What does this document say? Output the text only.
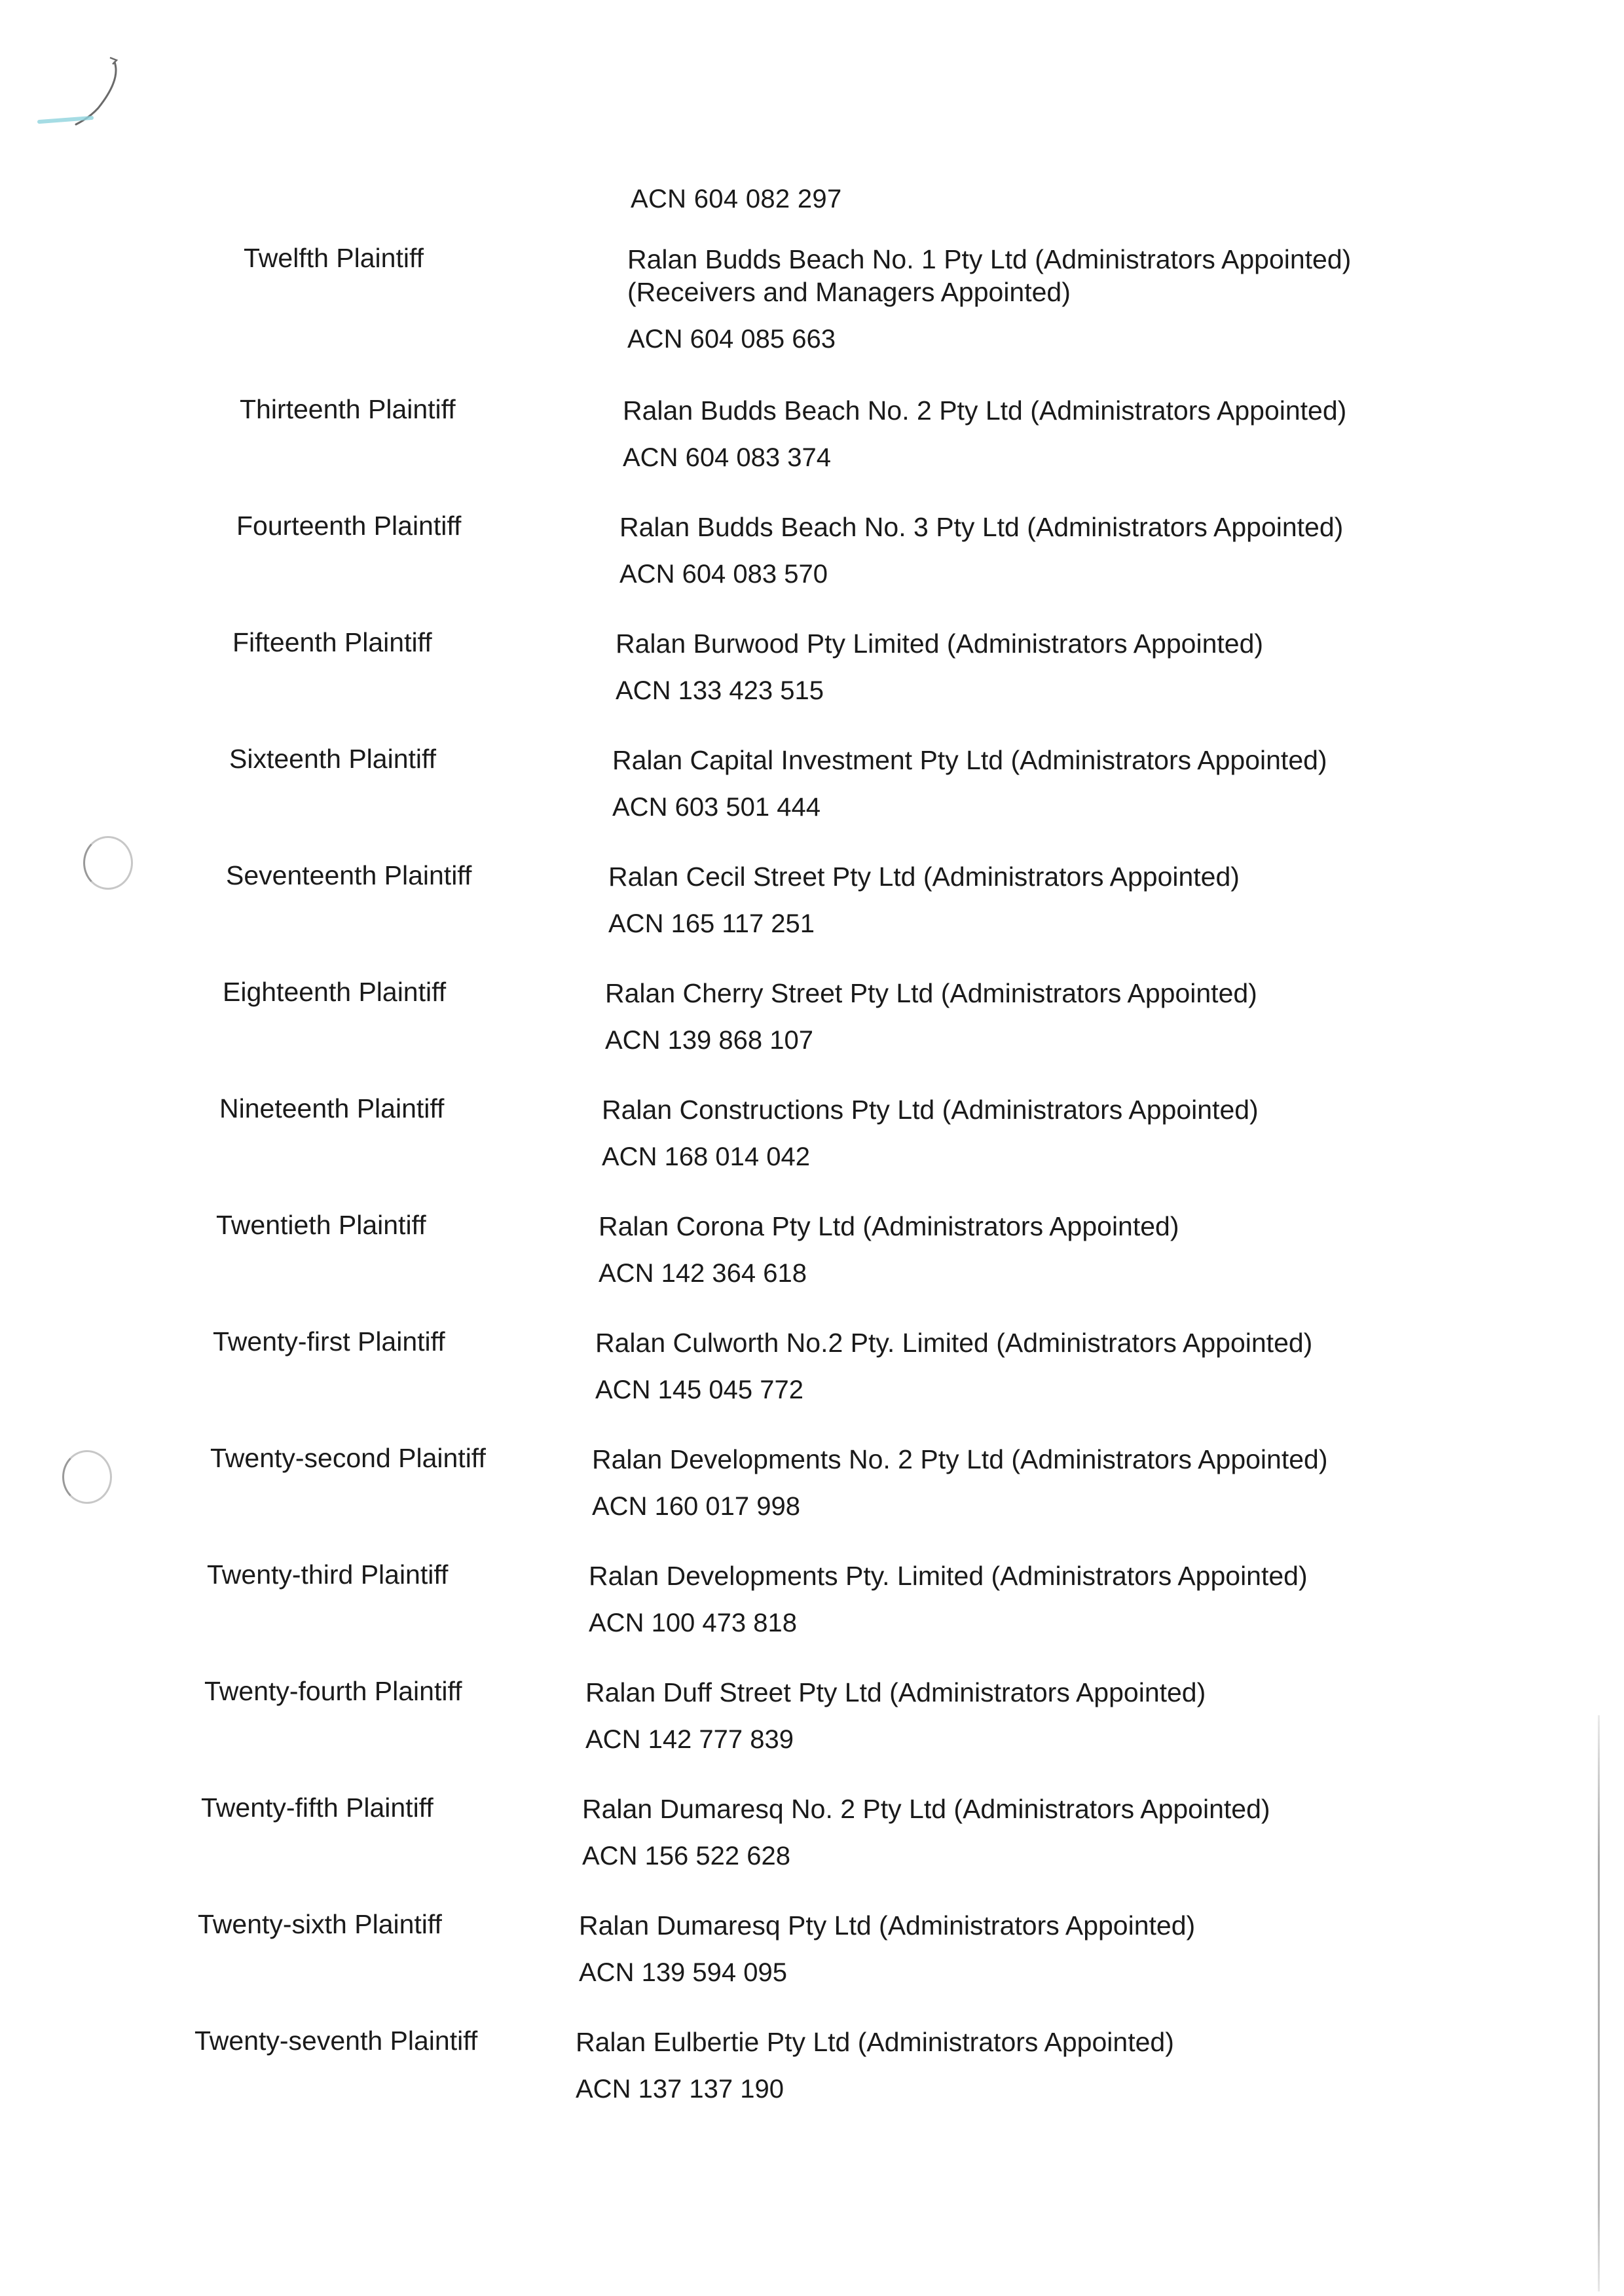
ACN 604 082 297
Twelfth Plaintiff	Ralan Budds Beach No. 1 Pty Ltd (Administrators Appointed)
(Receivers and Managers Appointed)
ACN 604 085 663
Thirteenth Plaintiff	Ralan Budds Beach No. 2 Pty Ltd (Administrators Appointed)
ACN 604 083 374
Fourteenth Plaintiff	Ralan Budds Beach No. 3 Pty Ltd (Administrators Appointed)
ACN 604 083 570
Fifteenth Plaintiff	Ralan Burwood Pty Limited (Administrators Appointed)
ACN 133 423 515
Sixteenth Plaintiff	Ralan Capital Investment Pty Ltd (Administrators Appointed)
ACN 603 501 444
Seventeenth Plaintiff	Ralan Cecil Street Pty Ltd (Administrators Appointed)
ACN 165 117 251
Eighteenth Plaintiff	Ralan Cherry Street Pty Ltd (Administrators Appointed)
ACN 139 868 107
Nineteenth Plaintiff	Ralan Constructions Pty Ltd (Administrators Appointed)
ACN 168 014 042
Twentieth Plaintiff	Ralan Corona Pty Ltd (Administrators Appointed)
ACN 142 364 618
Twenty-first Plaintiff	Ralan Culworth No.2 Pty. Limited (Administrators Appointed)
ACN 145 045 772
Twenty-second Plaintiff	Ralan Developments No. 2 Pty Ltd (Administrators Appointed)
ACN 160 017 998
Twenty-third Plaintiff	Ralan Developments Pty. Limited (Administrators Appointed)
ACN 100 473 818
Twenty-fourth Plaintiff	Ralan Duff Street Pty Ltd (Administrators Appointed)
ACN 142 777 839
Twenty-fifth Plaintiff	Ralan Dumaresq No. 2 Pty Ltd (Administrators Appointed)
ACN 156 522 628
Twenty-sixth Plaintiff	Ralan Dumaresq Pty Ltd (Administrators Appointed)
ACN 139 594 095
Twenty-seventh Plaintiff	Ralan Eulbertie Pty Ltd (Administrators Appointed)
ACN 137 137 190
